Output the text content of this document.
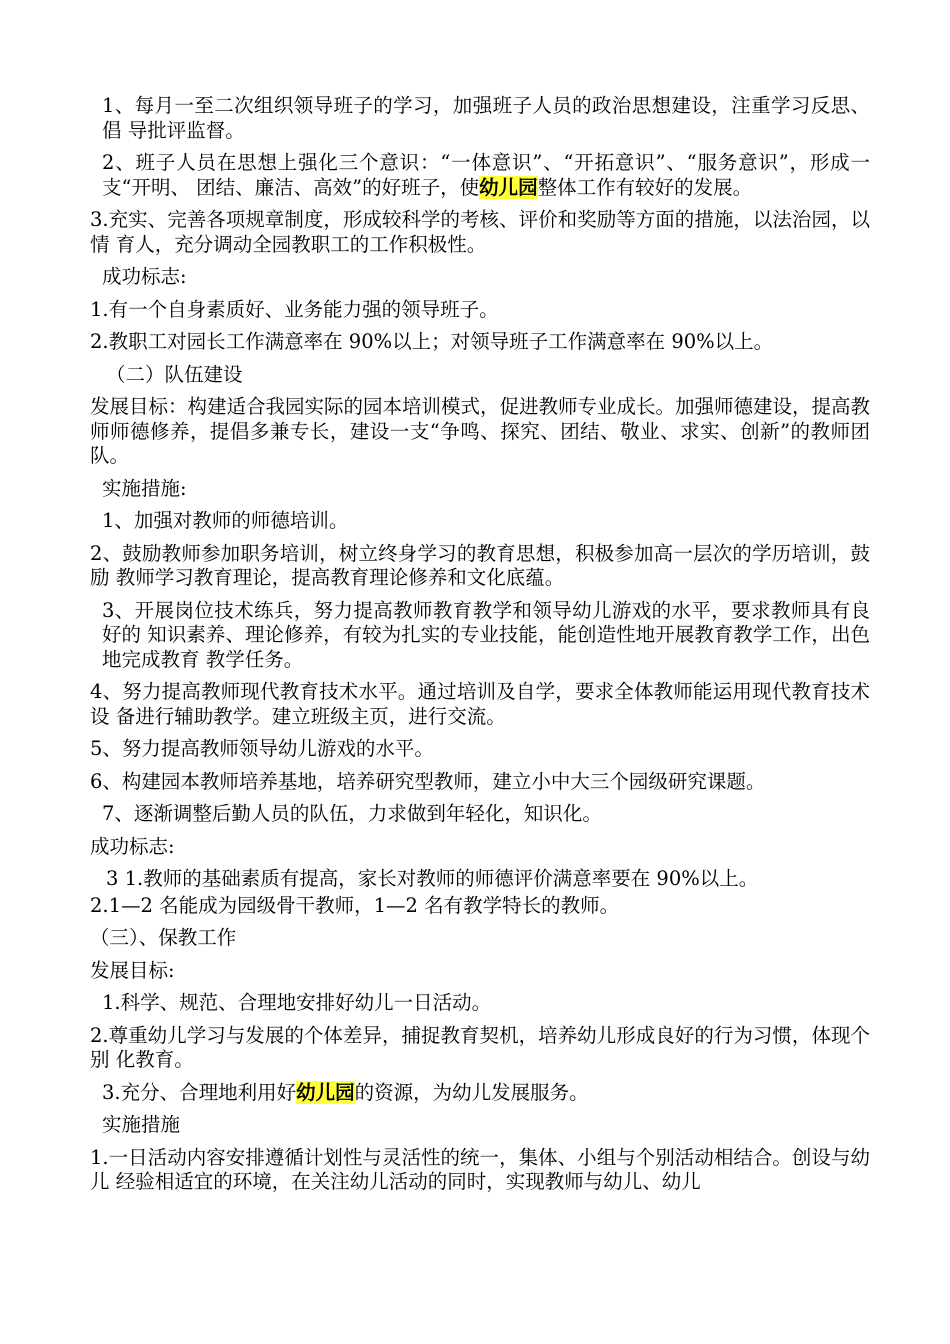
1、每月一至二次组织领导班子的学习，加强班子人员的政治思想建设，注重学习反思、倡 导批评监督。

2、班子人员在思想上强化三个意识：“一体意识”、“开拓意识”、“服务意识”，形成一支“开明、 团结、廉洁、高效”的好班子，使幼儿园整体工作有较好的发展。

3.充实、完善各项规章制度，形成较科学的考核、评价和奖励等方面的措施，以法治园，以情 育人，充分调动全园教职工的工作积极性。

成功标志:

1.有一个自身素质好、业务能力强的领导班子。

2.教职工对园长工作满意率在 90%以上；对领导班子工作满意率在 90%以上。

（二）队伍建设

发展目标：构建适合我园实际的园本培训模式，促进教师专业成长。加强师德建设，提高教 师师德修养，提倡多兼专长，建设一支“争鸣、探究、团结、敬业、求实、创新”的教师团队。

实施措施:

1、加强对教师的师德培训。

2、鼓励教师参加职务培训，树立终身学习的教育思想，积极参加高一层次的学历培训，鼓励 教师学习教育理论，提高教育理论修养和文化底蕴。

3、开展岗位技术练兵，努力提高教师教育教学和领导幼儿游戏的水平，要求教师具有良好的 知识素养、理论修养，有较为扎实的专业技能，能创造性地开展教育教学工作，出色地完成教育 教学任务。

4、努力提高教师现代教育技术水平。通过培训及自学，要求全体教师能运用现代教育技术设 备进行辅助教学。建立班级主页，进行交流。

5、努力提高教师领导幼儿游戏的水平。

6、构建园本教师培养基地，培养研究型教师，建立小中大三个园级研究课题。

7、逐渐调整后勤人员的队伍，力求做到年轻化，知识化。

成功标志:

3 1.教师的基础素质有提高，家长对教师的师德评价满意率要在 90%以上。

2.1—2 名能成为园级骨干教师，1—2 名有教学特长的教师。

（三）、保教工作

发展目标:

1.科学、规范、合理地安排好幼儿一日活动。

2.尊重幼儿学习与发展的个体差异，捕捉教育契机，培养幼儿形成良好的行为习惯，体现个别 化教育。

3.充分、合理地利用好幼儿园的资源，为幼儿发展服务。

实施措施

1.一日活动内容安排遵循计划性与灵活性的统一，集体、小组与个别活动相结合。创设与幼儿 经验相适宜的环境，在关注幼儿活动的同时，实现教师与幼儿、幼儿
